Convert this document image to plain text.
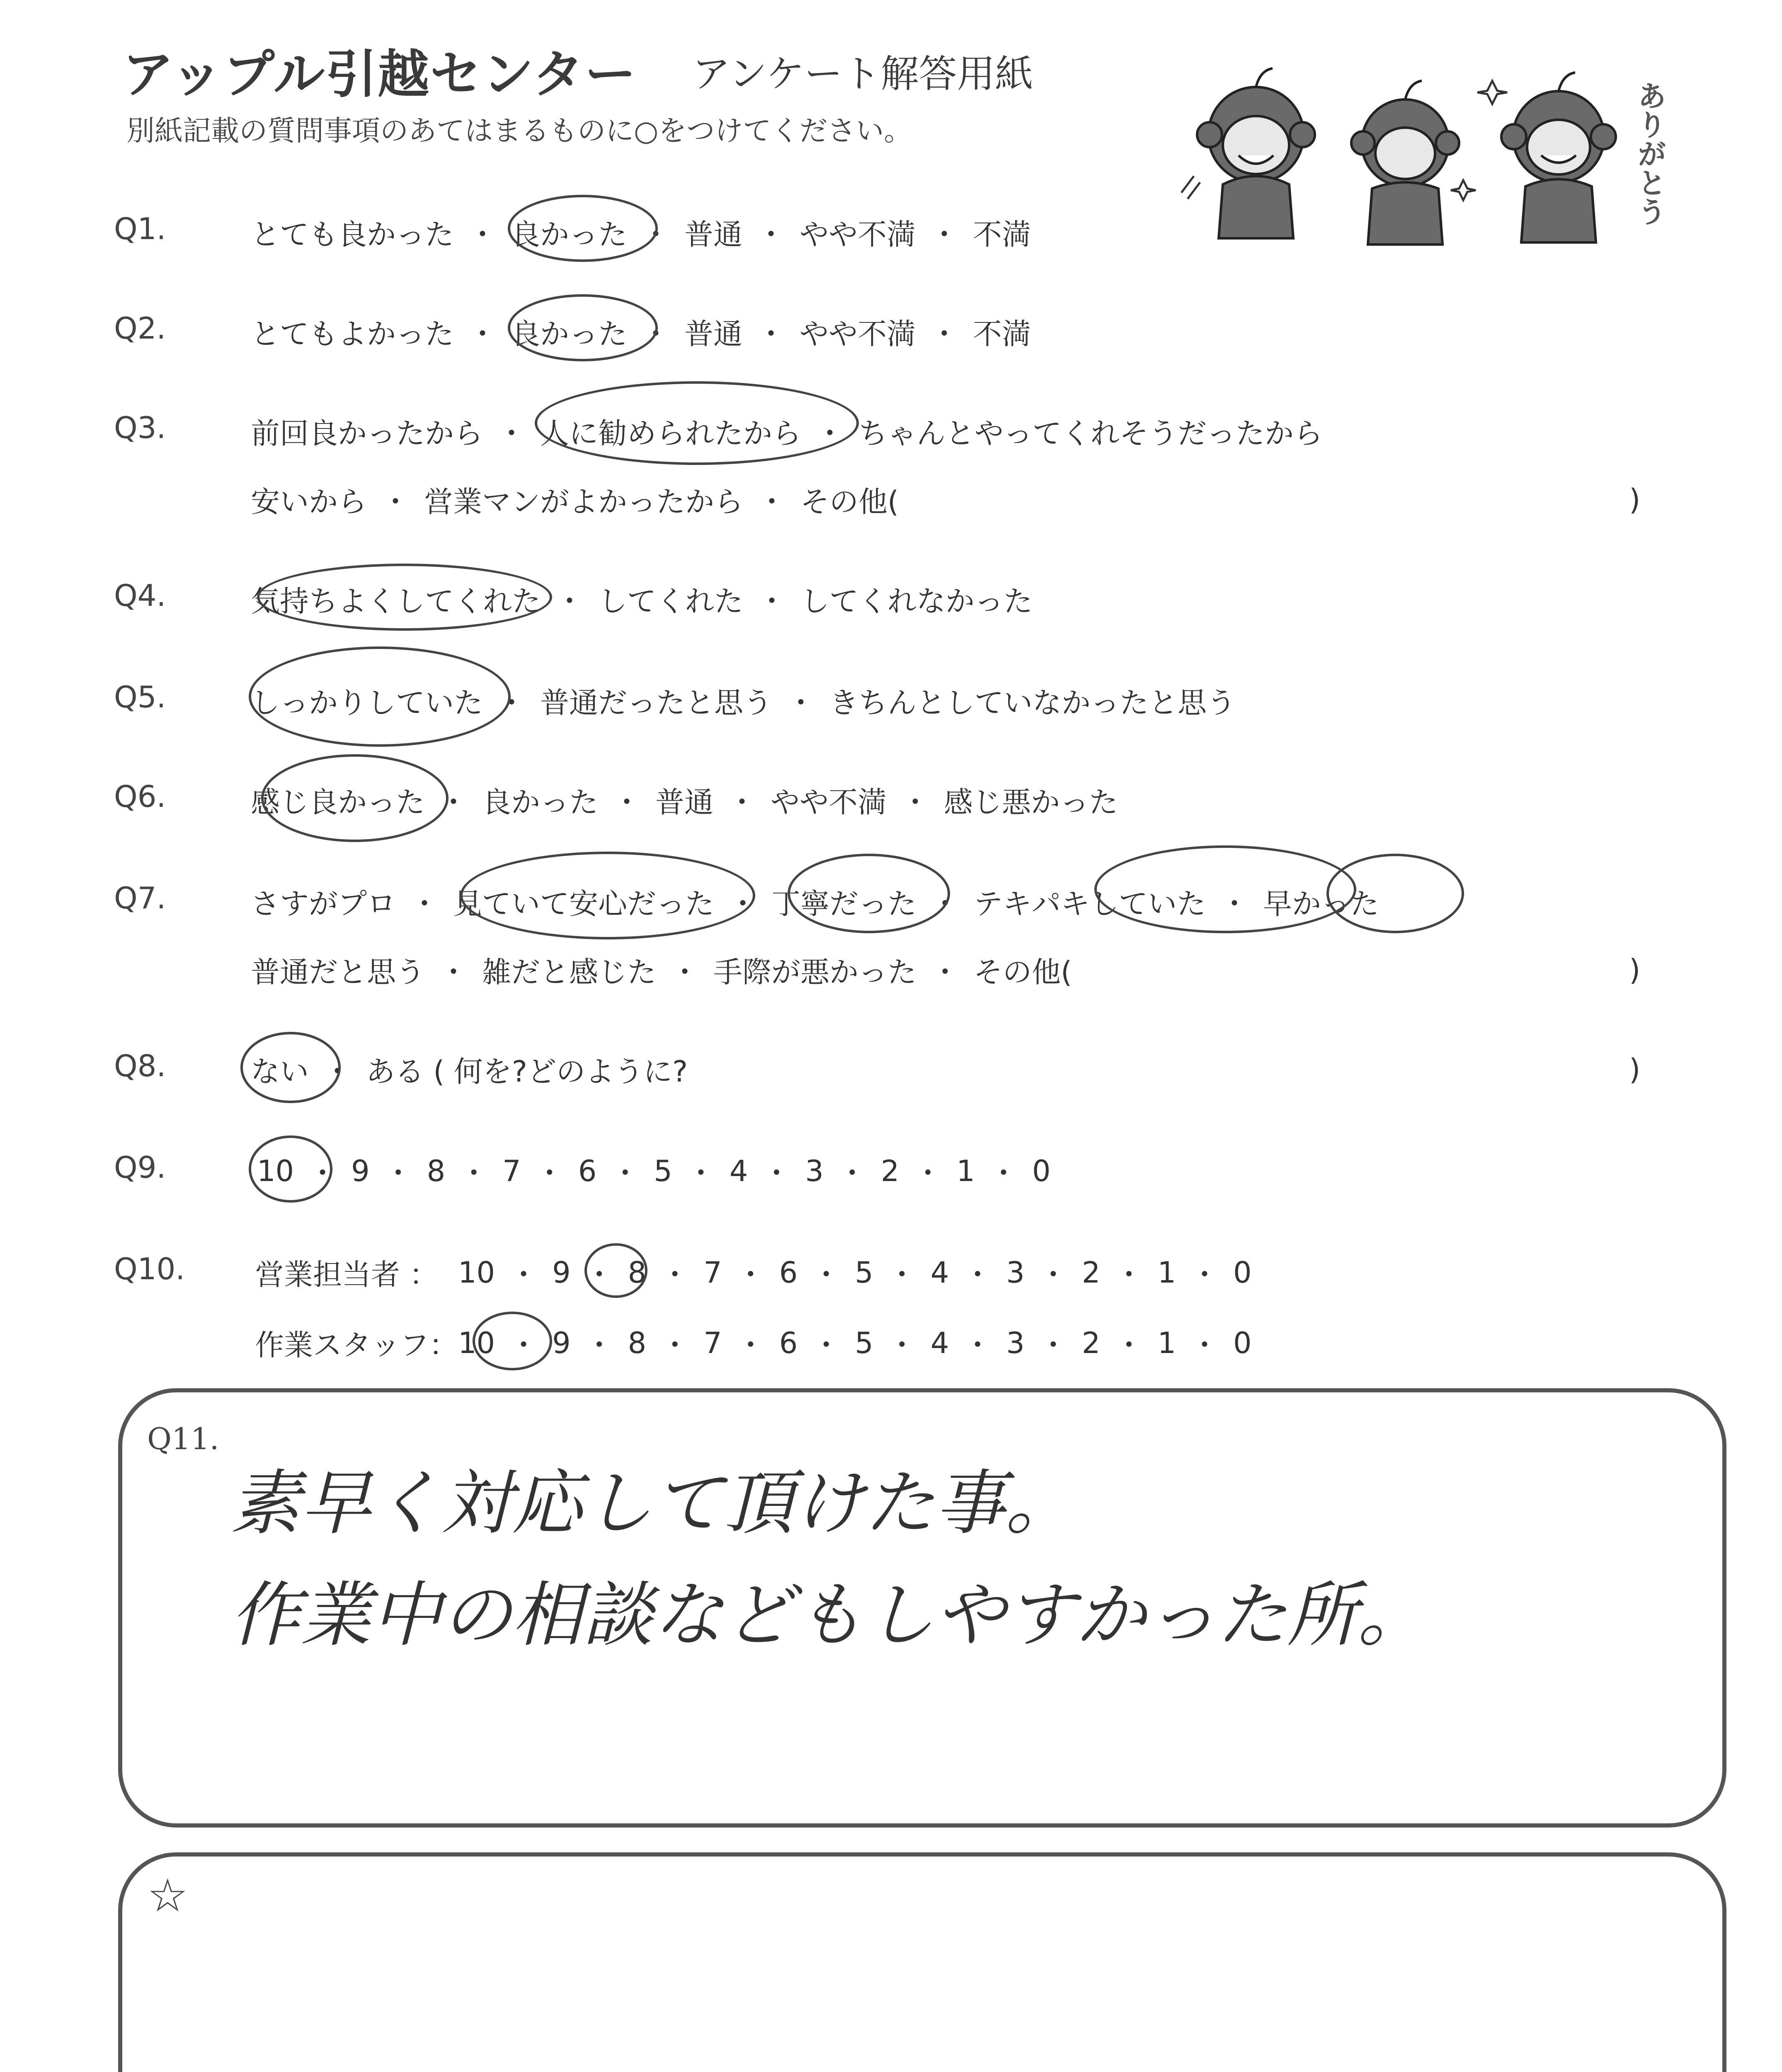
アップル引越センター アンケート解答用紙
別紙記載の質問事項のあてはまるものに○をつけてください。	ありがとう
Q1.	とても良かった ・ 良かった ・ 普通 ・ やや不満 ・ 不満
Q2.	とてもよかった ・ 良かった ・ 普通 ・ やや不満 ・ 不満
Q3.	前回良かったから ・ 人に勧められたから ・ ちゃんとやってくれそうだったから
安いから ・ 営業マンがよかったから ・ その他(	)
Q4.	気持ちよくしてくれた ・ してくれた ・ してくれなかった
Q5.	しっかりしていた ・ 普通だったと思う ・ きちんとしていなかったと思う
Q6.	感じ良かった ・ 良かった ・ 普通 ・ やや不満 ・ 感じ悪かった
Q7.	さすがプロ ・ 見ていて安心だった ・ 丁寧だった ・ テキパキしていた ・ 早かった
普通だと思う ・ 雑だと感じた ・ 手際が悪かった ・ その他(	)
Q8.	ない ・ ある ( 何を?どのように?	)
Q9.	10 ・ 9 ・ 8 ・ 7 ・ 6 ・ 5 ・ 4 ・ 3 ・ 2 ・ 1 ・ 0
Q10. 営業担当者 ： 10 ・ 9 ・ 8 ・ 7 ・ 6 ・ 5 ・ 4 ・ 3 ・ 2 ・ 1 ・ 0
作業スタッフ： 10 ・ 9 ・ 8 ・ 7 ・ 6 ・ 5 ・ 4 ・ 3 ・ 2 ・ 1 ・ 0
Q11.
素早く対応して頂けた事。
作業中の相談などもしやすかった所。
☆
